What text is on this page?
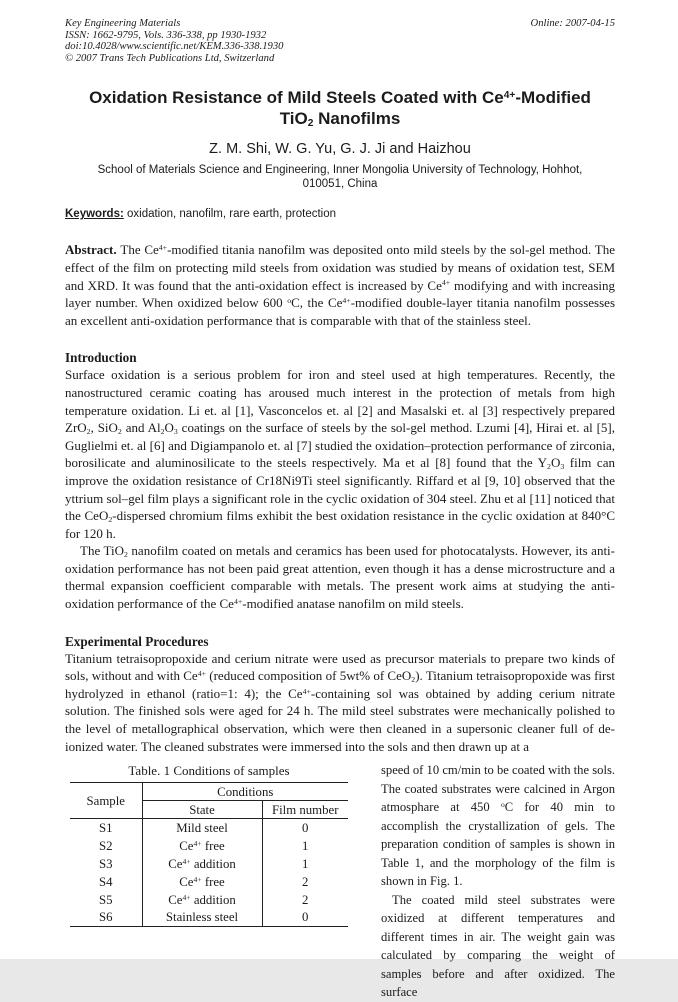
Key Engineering Materials
ISSN: 1662-9795, Vols. 336-338, pp 1930-1932
doi:10.4028/www.scientific.net/KEM.336-338.1930
© 2007 Trans Tech Publications Ltd, Switzerland
Online: 2007-04-15
Oxidation Resistance of Mild Steels Coated with $Ce^{4+}$-Modified TiO$_2$ Nanofilms
Z. M. Shi, W. G. Yu, G. J. Ji and Haizhou
School of Materials Science and Engineering, Inner Mongolia University of Technology, Hohhot, 010051, China
Keywords: oxidation, nanofilm, rare earth, protection

Abstract. The $Ce^{4+}$-modified titania nanofilm was deposited onto mild steels by the sol-gel method. The effect of the film on protecting mild steels from oxidation was studied by means of oxidation test, SEM and XRD. It was found that the anti-oxidation effect is increased by $Ce^{4+}$ modifying and with increasing layer number. When oxidized below 600 $^o$C, the $Ce^{4+}$-modified double-layer titania nanofilm possesses an excellent anti-oxidation performance that is comparable with that of the stainless steel.

Introduction

Surface oxidation is a serious problem for iron and steel used at high temperatures. Recently, the nanostructured ceramic coating has aroused much interest in the protection of metals from high temperature oxidation. Li et. al [1], Vasconcelos et. al [2] and Masalski et. al [3] respectively prepared ZrO$_2$, SiO$_2$ and $Al_2O_3$ coatings on the surface of steels by the sol-gel method. Lzumi [4], Hirai et. al [5], Guglielmi et. al [6] and Digiampanolo et. al [7] studied the oxidation–protection performance of zirconia, borosilicate and aluminosilicate to the steels respectively. Ma et al [8] found that the $Y_2O_3$ film can improve the oxidation resistance of Cr18Ni9Ti steel significantly. Riffard et al [9, 10] observed that the yttrium sol–gel film plays a significant role in the cyclic oxidation of 304 steel. Zhu et al [11] noticed that the CeO$_2$-dispersed chromium films exhibit the best oxidation resistance in the cyclic oxidation at 840°C for 120 h.

The TiO$_2$ nanofilm coated on metals and ceramics has been used for photocatalysts. However, its anti-oxidation performance has not been paid great attention, even though it has a dense microstructure and a thermal expansion coefficient comparable with metals. The present work aims at studying the anti-oxidation performance of the $Ce^{4+}$-modified anatase nanofilm on mild steels.

Experimental Procedures

Titanium tetraisopropoxide and cerium nitrate were used as precursor materials to prepare two kinds of sols, without and with $Ce^{4+}$ (reduced composition of 5wt% of CeO$_2$). Titanium tetraisopropoxide was first hydrolyzed in ethanol (ratio=1: 4); the $Ce^{4+}$-containing sol was obtained by adding cerium nitrate solution. The finished sols were aged for 24 h. The mild steel substrates were mechanically polished to the level of metallographical observation, which were then cleaned in a supersonic cleaner full of de-ionized water. The cleaned substrates were immersed into the sols and then drawn up at a

Table. 1 Conditions of samples
Sample	Conditions	
	State	Film number
S1	Mild steel	0
S2	$Ce^{4+}$ free	1
S3	$Ce^{4+}$ addition	1
S4	$Ce^{4+}$ free	2
S5	$Ce^{4+}$ addition	2
S6	Stainless steel	0

speed of 10 cm/min to be coated with the sols. The coated substrates were calcined in Argon atmosphare at 450 $^o$C for 40 min to accomplish the crystallization of gels. The preparation condition of samples is shown in Table 1, and the morphology of the film is shown in Fig. 1.

The coated mild steel substrates were oxidized at different temperatures and different times in air. The weight gain was calculated by comparing the weight of samples before and after oxidized. The surface
